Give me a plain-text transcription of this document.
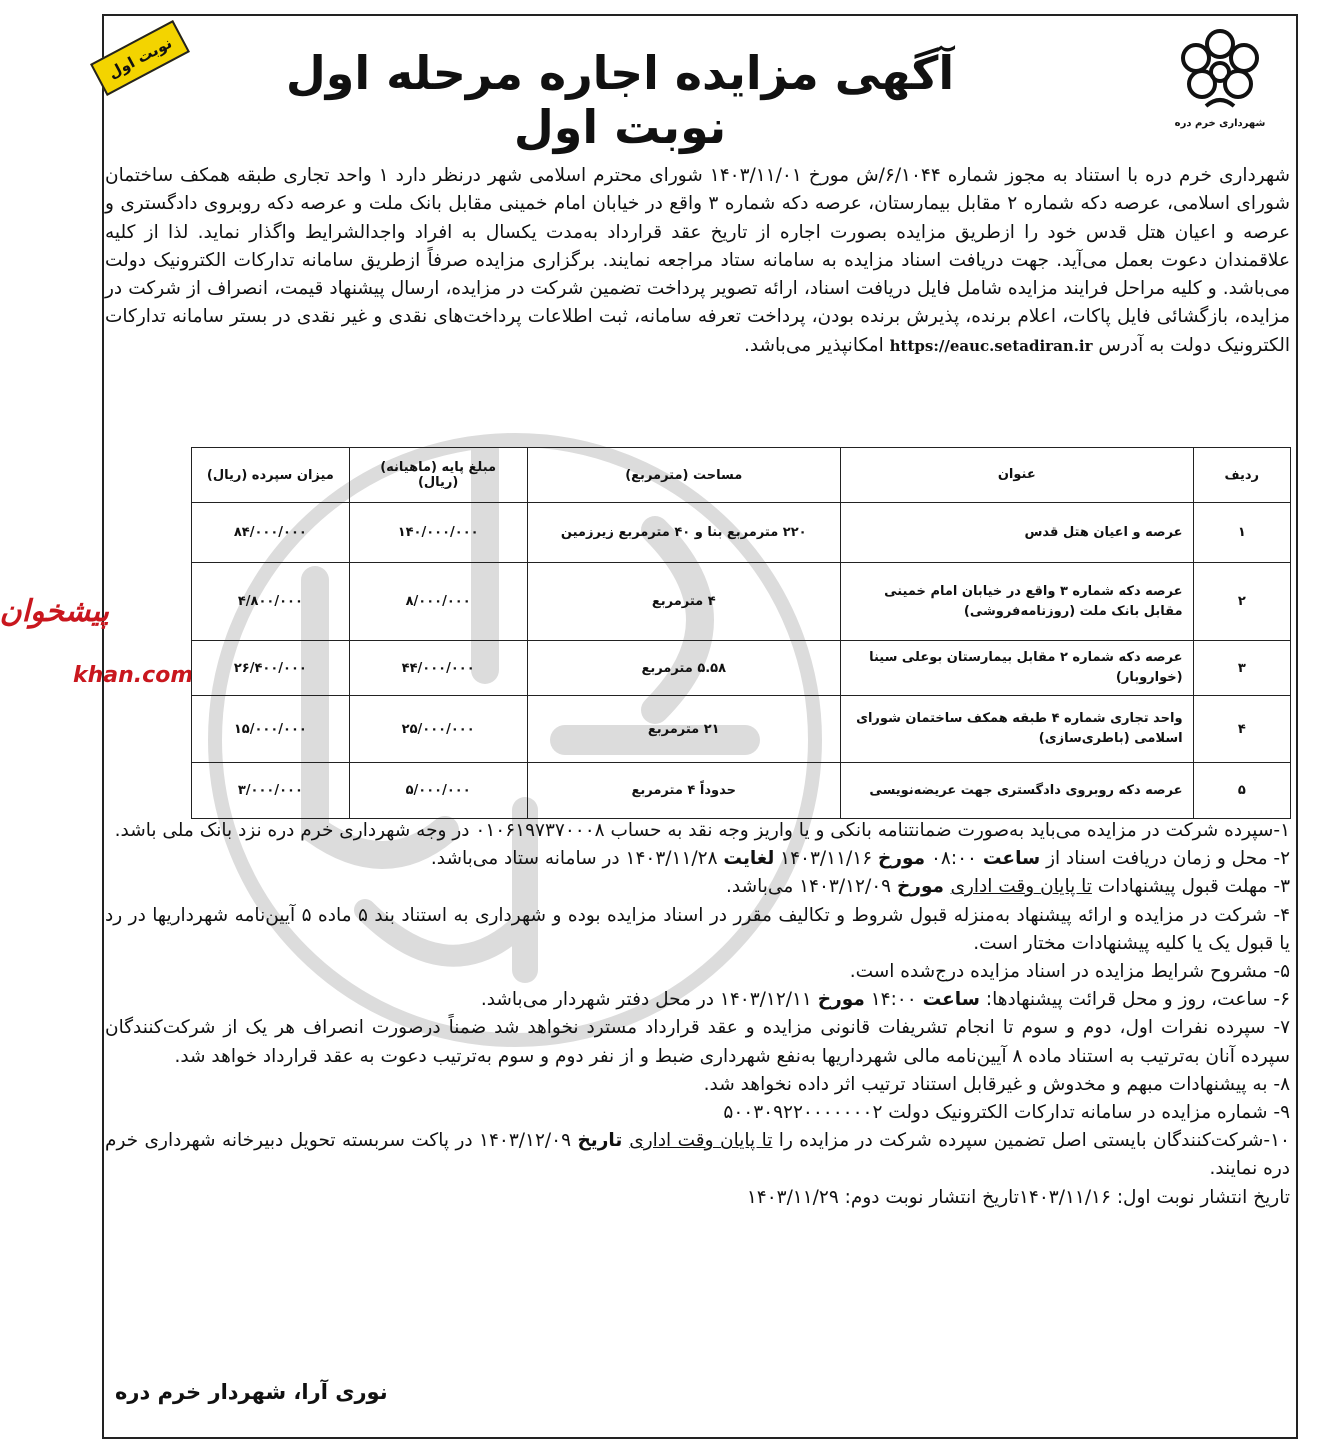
پیشخوان
khan.com
نوبت اول	آگهی مزایده اجاره مرحله اول نوبت اول	شهرداری خرم دره
شهرداری خرم دره با استناد به مجوز شماره ۶/۱۰۴۴/ش مورخ ۱۴۰۳/۱۱/۰۱ شورای محترم اسلامی شهر درنظر دارد ۱ واحد تجاری طبقه همکف ساختمان شورای اسلامی، عرصه دکه شماره ۲ مقابل بیمارستان، عرصه دکه شماره ۳ واقع در خیابان امام خمینی مقابل بانک ملت و عرصه دکه روبروی دادگستری و عرصه و اعیان هتل قدس خود را ازطریق مزایده بصورت اجاره از تاریخ عقد قرارداد به‌مدت یکسال به افراد واجدالشرایط واگذار نماید. لذا از کلیه علاقمندان دعوت بعمل می‌آید. جهت دریافت اسناد مزایده به سامانه ستاد مراجعه نمایند. برگزاری مزایده صرفاً ازطریق سامانه تدارکات الکترونیک دولت می‌باشد. و کلیه مراحل فرایند مزایده شامل فایل دریافت اسناد، ارائه تصویر پرداخت تضمین شرکت در مزایده، ارسال پیشنهاد قیمت، انصراف از شرکت در مزایده، بازگشائی فایل پاکات، اعلام برنده، پذیرش برنده بودن، پرداخت تعرفه سامانه، ثبت اطلاعات پرداخت‌های نقدی و غیر نقدی در بستر سامانه تدارکات الکترونیک دولت به آدرس https://eauc.setadiran.ir امکانپذیر می‌باشد.
ردیف	عنوان	مساحت (مترمربع)	مبلغ پایه (ماهیانه) (ریال)	میزان سپرده (ریال)
۱	عرصه و اعیان هتل قدس	۲۲۰ مترمربع بنا و ۴۰ مترمربع زیرزمین	۱۴۰/۰۰۰/۰۰۰	۸۴/۰۰۰/۰۰۰
۲	عرصه دکه شماره ۳ واقع در خیابان امام خمینی مقابل بانک ملت (روزنامه‌فروشی)	۴ مترمربع	۸/۰۰۰/۰۰۰	۴/۸۰۰/۰۰۰
۳	عرصه دکه شماره ۲ مقابل بیمارستان بوعلی سینا (خواروبار)	۵.۵۸ مترمربع	۴۴/۰۰۰/۰۰۰	۲۶/۴۰۰/۰۰۰
۴	واحد تجاری شماره ۴ طبقه همکف ساختمان شورای اسلامی (باطری‌سازی)	۲۱ مترمربع	۲۵/۰۰۰/۰۰۰	۱۵/۰۰۰/۰۰۰
۵	عرصه دکه روبروی دادگستری جهت عریضه‌نویسی	حدوداً ۴ مترمربع	۵/۰۰۰/۰۰۰	۳/۰۰۰/۰۰۰

۱-سپرده شرکت در مزایده می‌باید به‌صورت ضمانتنامه بانکی و یا واریز وجه نقد به حساب ۰۱۰۶۱۹۷۳۷۰۰۰۸ در وجه شهرداری خرم دره نزد بانک ملی باشد.

۲- محل و زمان دریافت اسناد از ساعت ۰۸:۰۰ مورخ ۱۴۰۳/۱۱/۱۶ لغایت ۱۴۰۳/۱۱/۲۸ در سامانه ستاد می‌باشد.

۳- مهلت قبول پیشنهادات تا پایان وقت اداری مورخ ۱۴۰۳/۱۲/۰۹ می‌باشد.

۴- شرکت در مزایده و ارائه پیشنهاد به‌منزله قبول شروط و تکالیف مقرر در اسناد مزایده بوده و شهرداری به استناد بند ۵ ماده ۵ آیین‌نامه شهرداریها در رد یا قبول یک یا کلیه پیشنهادات مختار است.

۵- مشروح شرایط مزایده در اسناد مزایده درج‌شده است.

۶- ساعت، روز و محل قرائت پیشنهادها: ساعت ۱۴:۰۰ مورخ ۱۴۰۳/۱۲/۱۱ در محل دفتر شهردار می‌باشد.

۷- سپرده نفرات اول، دوم و سوم تا انجام تشریفات قانونی مزایده و عقد قرارداد مسترد نخواهد شد ضمناً درصورت انصراف هر یک از شرکت‌کنندگان سپرده آنان به‌ترتیب به استناد ماده ۸ آیین‌نامه مالی شهرداریها به‌نفع شهرداری ضبط و از نفر دوم و سوم به‌ترتیب دعوت به عقد قرارداد خواهد شد.

۸- به پیشنهادات مبهم و مخدوش و غیرقابل استناد ترتیب اثر داده نخواهد شد.

۹- شماره مزایده در سامانه تدارکات الکترونیک دولت ۵۰۰۳۰۹۲۲۰۰۰۰۰۰۰۲

۱۰-شرکت‌کنندگان بایستی اصل تضمین سپرده شرکت در مزایده را تا پایان وقت اداری تاریخ ۱۴۰۳/۱۲/۰۹ در پاکت سربسته تحویل دبیرخانه شهرداری خرم دره نمایند.

تاریخ انتشار نوبت اول: ۱۴۰۳/۱۱/۱۶تاریخ انتشار نوبت دوم: ۱۴۰۳/۱۱/۲۹

نوری آرا، شهردار خرم دره
